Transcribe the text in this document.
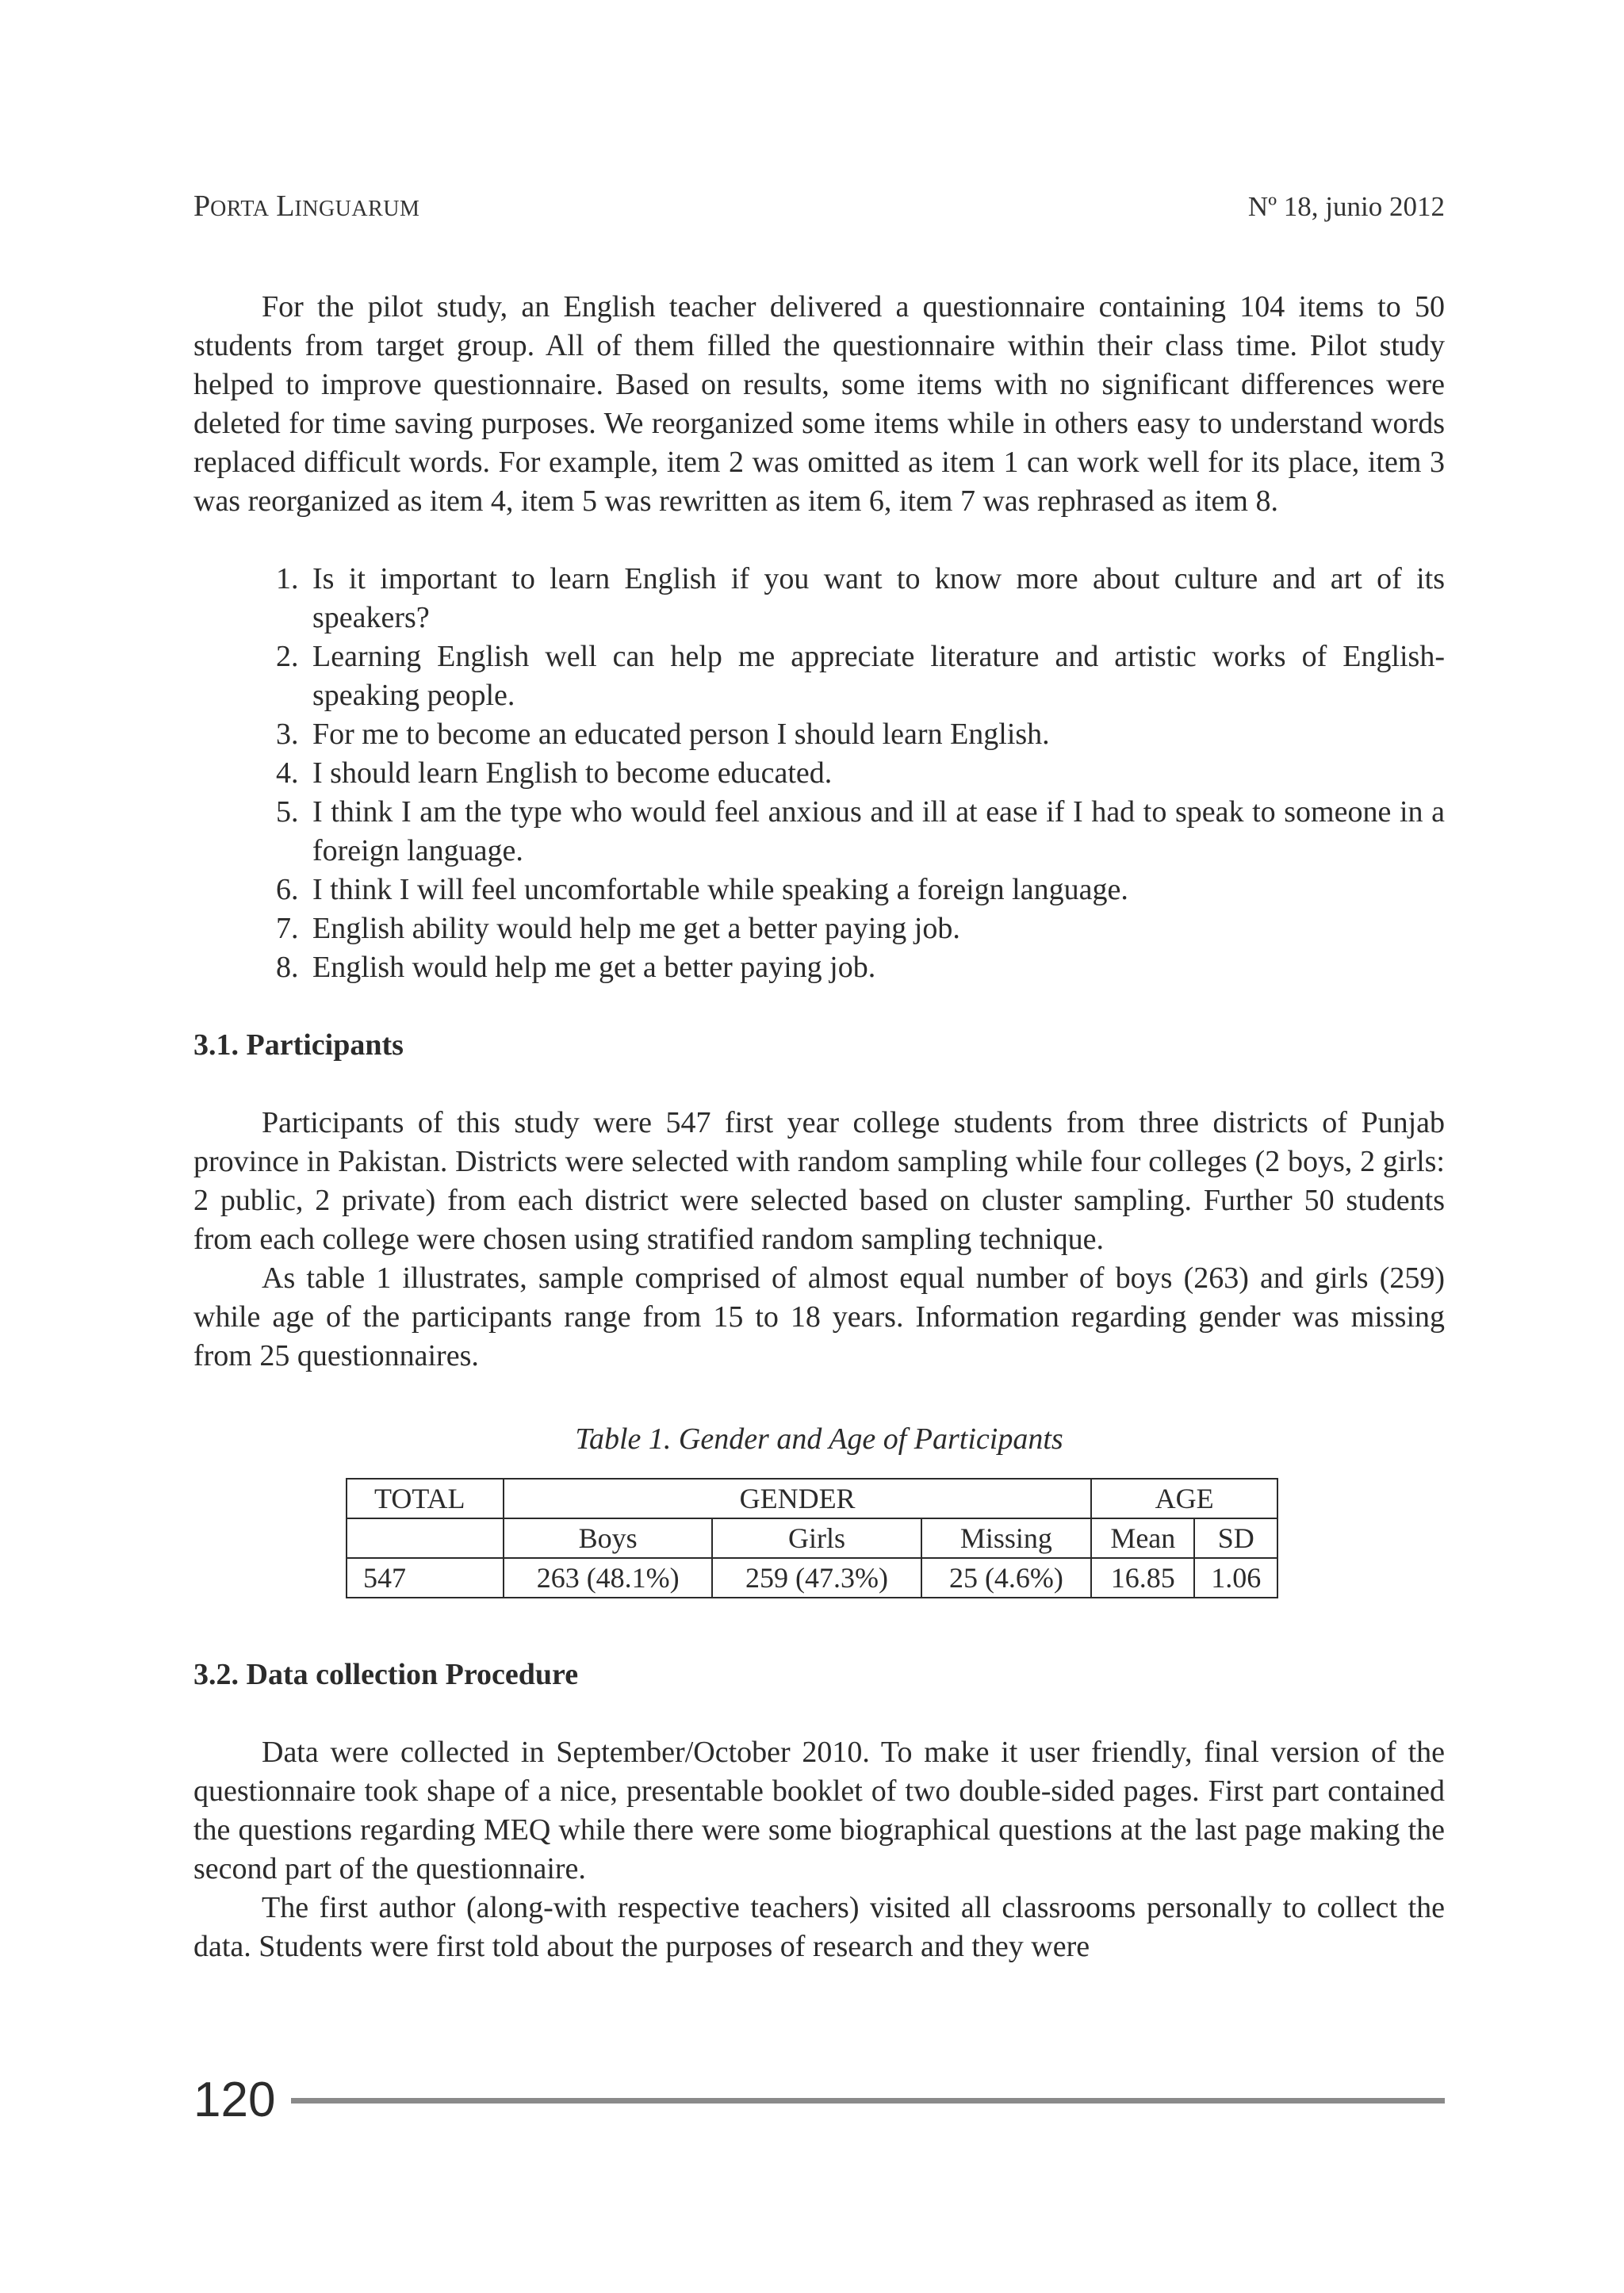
PORTA LINGUARUM	Nº 18, junio 2012

For the pilot study, an English teacher delivered a questionnaire containing 104 items to 50 students from target group. All of them filled the questionnaire within their class time. Pilot study helped to improve questionnaire. Based on results, some items with no significant differences were deleted for time saving purposes. We reorganized some items while in others easy to understand words replaced difficult words. For example, item 2 was omitted as item 1 can work well for its place, item 3 was reorganized as item 4, item 5 was rewritten as item 6, item 7 was rephrased as item 8.

1. Is it important to learn English if you want to know more about culture and art of its speakers?
2. Learning English well can help me appreciate literature and artistic works of English-speaking people.
3. For me to become an educated person I should learn English.
4. I should learn English to become educated.
5. I think I am the type who would feel anxious and ill at ease if I had to speak to someone in a foreign language.
6. I think I will feel uncomfortable while speaking a foreign language.
7. English ability would help me get a better paying job.
8. English would help me get a better paying job.
3.1. Participants

Participants of this study were 547 first year college students from three districts of Punjab province in Pakistan. Districts were selected with random sampling while four colleges (2 boys, 2 girls: 2 public, 2 private) from each district were selected based on cluster sampling. Further 50 students from each college were chosen using stratified random sampling technique.

As table 1 illustrates, sample comprised of almost equal number of boys (263) and girls (259) while age of the participants range from 15 to 18 years. Information regarding gender was missing from 25 questionnaires.

Table 1. Gender and Age of Participants

TOTAL	GENDER			AGE	
	Boys	Girls	Missing	Mean	SD
547	263 (48.1%)	259 (47.3%)	25 (4.6%)	16.85	1.06
3.2. Data collection Procedure

Data were collected in September/October 2010. To make it user friendly, final version of the questionnaire took shape of a nice, presentable booklet of two double-sided pages. First part contained the questions regarding MEQ while there were some biographical questions at the last page making the second part of the questionnaire.

The first author (along-with respective teachers) visited all classrooms personally to collect the data. Students were first told about the purposes of research and they were

120
